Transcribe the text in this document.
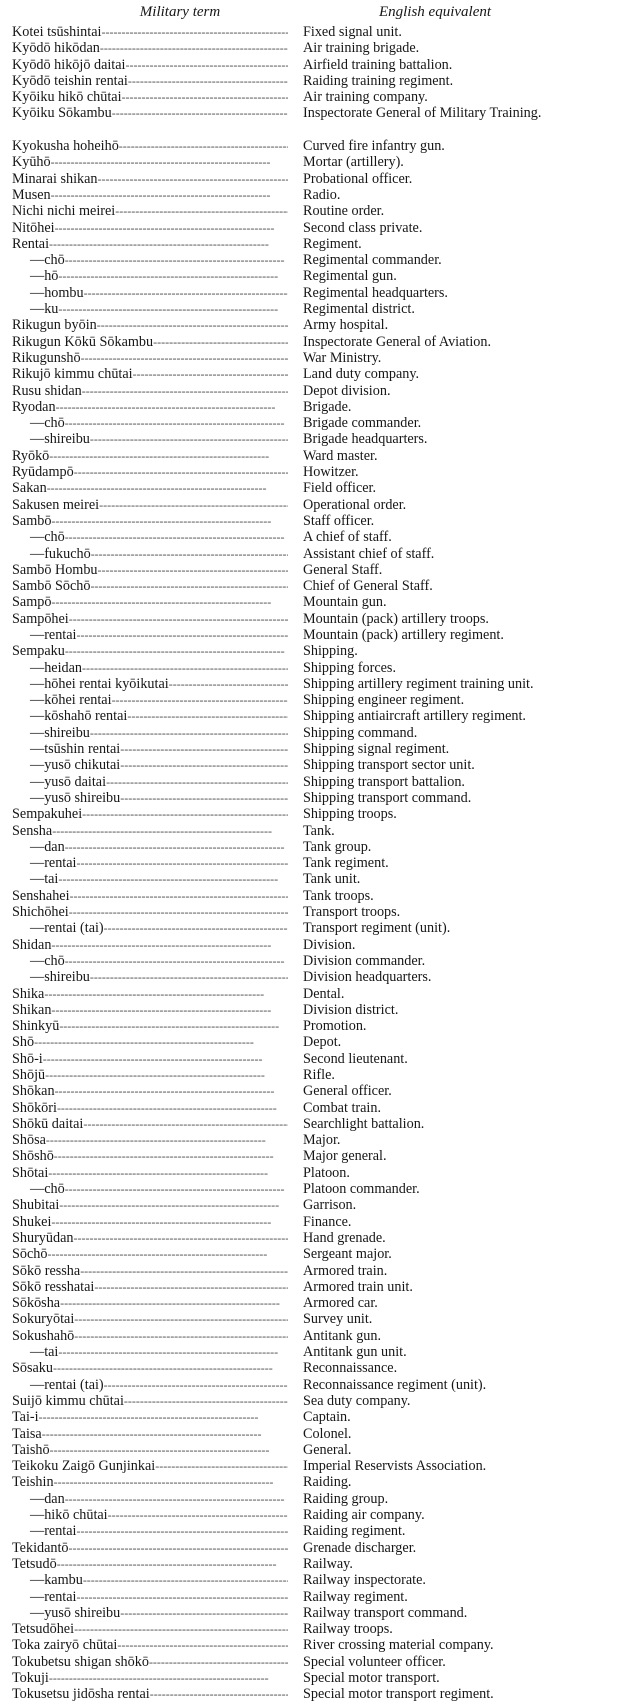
Military term	English equivalent
Kotei tsūshintai - - -	Fixed signal unit.
Kyōdō hikōdan - - -	Air training brigade.
Kyōdō hikōjō daitai - - -	Airfield training battalion.
Kyōdō teishin rentai - - -	Raiding training regiment.
Kyōiku hikō chūtai - - -	Air training company.
Kyōiku Sōkambu - - -	Inspectorate General of Military Training.
Kyokusha hoheihō - - -	Curved fire infantry gun.
Kyūhō - - -	Mortar (artillery).
Minarai shikan - - -	Probational officer.
Musen - - -	Radio.
Nichi nichi meirei - - -	Routine order.
Nitōhei - - -	Second class private.
Rentai - - -	Regiment.
—chō - - -	Regimental commander.
—hō - - -	Regimental gun.
—hombu - - -	Regimental headquarters.
—ku - - -	Regimental district.
Rikugun byōin - - -	Army hospital.
Rikugun Kōkū Sōkambu - - -	Inspectorate General of Aviation.
Rikugunshō - - -	War Ministry.
Rikujō kimmu chūtai - - -	Land duty company.
Rusu shidan - - -	Depot division.
Ryodan - - -	Brigade.
—chō - - -	Brigade commander.
—shireibu - - -	Brigade headquarters.
Ryōkō - - -	Ward master.
Ryūdampō - - -	Howitzer.
Sakan - - -	Field officer.
Sakusen meirei - - -	Operational order.
Sambō - - -	Staff officer.
—chō - - -	A chief of staff.
—fukuchō - - -	Assistant chief of staff.
Sambō Hombu - - -	General Staff.
Sambō Sōchō - - -	Chief of General Staff.
Sampō - - -	Mountain gun.
Sampōhei - - -	Mountain (pack) artillery troops.
—rentai - - -	Mountain (pack) artillery regiment.
Sempaku - - -	Shipping.
—heidan - - -	Shipping forces.
—hōhei rentai kyōikutai - - -	Shipping artillery regiment training unit.
—kōhei rentai - - -	Shipping engineer regiment.
—kōshahō rentai - - -	Shipping antiaircraft artillery regiment.
—shireibu - - -	Shipping command.
—tsūshin rentai - - -	Shipping signal regiment.
—yusō chikutai - - -	Shipping transport sector unit.
—yusō daitai - - -	Shipping transport battalion.
—yusō shireibu - - -	Shipping transport command.
Sempakuhei - - -	Shipping troops.
Sensha - - -	Tank.
—dan - - -	Tank group.
—rentai - - -	Tank regiment.
—tai - - -	Tank unit.
Senshahei - - -	Tank troops.
Shichōhei - - -	Transport troops.
—rentai (tai) - - -	Transport regiment (unit).
Shidan - - -	Division.
—chō - - -	Division commander.
—shireibu - - -	Division headquarters.
Shika - - -	Dental.
Shikan - - -	Division district.
Shinkyū - - -	Promotion.
Shō - - -	Depot.
Shō-i - - -	Second lieutenant.
Shōjū - - -	Rifle.
Shōkan - - -	General officer.
Shōkōri - - -	Combat train.
Shōkū daitai - - -	Searchlight battalion.
Shōsa - - -	Major.
Shōshō - - -	Major general.
Shōtai - - -	Platoon.
—chō - - -	Platoon commander.
Shubitai - - -	Garrison.
Shukei - - -	Finance.
Shuryūdan - - -	Hand grenade.
Sōchō - - -	Sergeant major.
Sōkō ressha - - -	Armored train.
Sōkō resshatai - - -	Armored train unit.
Sōkōsha - - -	Armored car.
Sokuryōtai - - -	Survey unit.
Sokushahō - - -	Antitank gun.
—tai - - -	Antitank gun unit.
Sōsaku - - -	Reconnaissance.
—rentai (tai) - - -	Reconnaissance regiment (unit).
Suijō kimmu chūtai - - -	Sea duty company.
Tai-i - - -	Captain.
Taisa - - -	Colonel.
Taishō - - -	General.
Teikoku Zaigō Gunjinkai - - -	Imperial Reservists Association.
Teishin - - -	Raiding.
—dan - - -	Raiding group.
—hikō chūtai - - -	Raiding air company.
—rentai - - -	Raiding regiment.
Tekidantō - - -	Grenade discharger.
Tetsudō - - -	Railway.
—kambu - - -	Railway inspectorate.
—rentai - - -	Railway regiment.
—yusō shireibu - - -	Railway transport command.
Tetsudōhei - - -	Railway troops.
Toka zairyō chūtai - - -	River crossing material company.
Tokubetsu shigan shōkō - - -	Special volunteer officer.
Tokuji - - -	Special motor transport.
Tokusetsu jidōsha rentai - - -	Special motor transport regiment.
